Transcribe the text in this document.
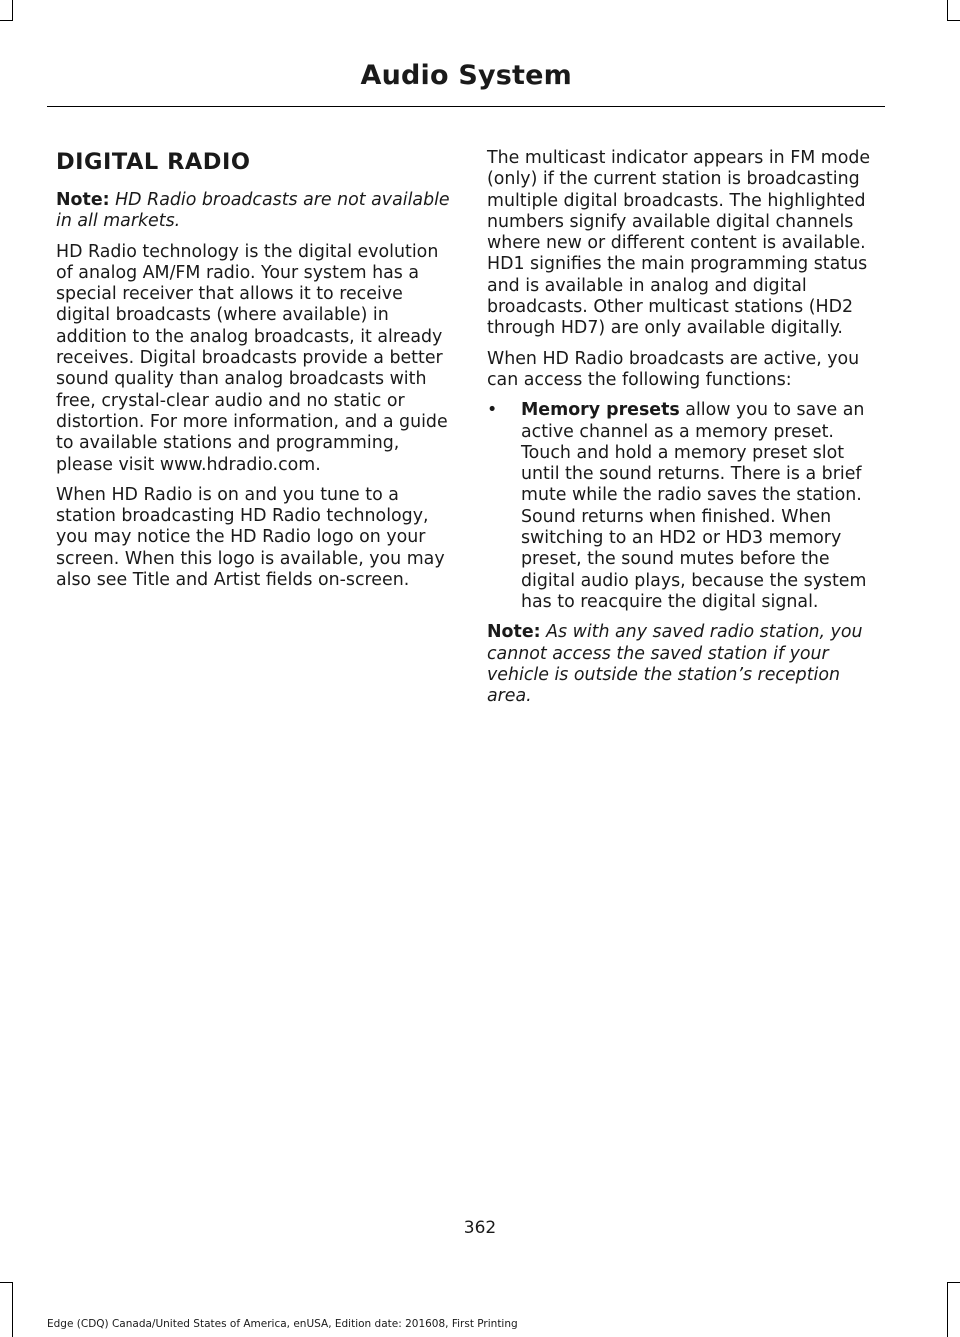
Audio System
DIGITAL RADIO

Note: HD Radio broadcasts are not available in all markets.

HD Radio technology is the digital evolution of analog AM/FM radio. Your system has a special receiver that allows it to receive digital broadcasts (where available) in addition to the analog broadcasts, it already receives. Digital broadcasts provide a better sound quality than analog broadcasts with free, crystal-clear audio and no static or distortion. For more information, and a guide to available stations and programming, please visit www.hdradio.com.

When HD Radio is on and you tune to a station broadcasting HD Radio technology, you may notice the HD Radio logo on your screen. When this logo is available, you may also see Title and Artist fields on-screen.

The multicast indicator appears in FM mode (only) if the current station is broadcasting multiple digital broadcasts. The highlighted numbers signify available digital channels where new or different content is available. HD1 signifies the main programming status and is available in analog and digital broadcasts. Other multicast stations (HD2 through HD7) are only available digitally.

When HD Radio broadcasts are active, you can access the following functions:

•	Memory presets allow you to save an active channel as a memory preset. Touch and hold a memory preset slot until the sound returns. There is a brief mute while the radio saves the station. Sound returns when finished. When switching to an HD2 or HD3 memory preset, the sound mutes before the digital audio plays, because the system has to reacquire the digital signal.

Note: As with any saved radio station, you cannot access the saved station if your vehicle is outside the station’s reception area.

362
Edge (CDQ) Canada/United States of America, enUSA, Edition date: 201608, First Printing
